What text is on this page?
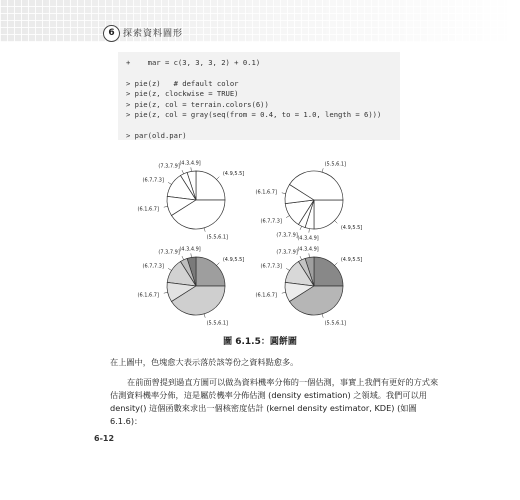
6 探索資料圖形
+    mar = c(3, 3, 3, 2) + 0.1)
> pie(z)   # default color
> pie(z, clockwise = TRUE)
> pie(z, col = terrain.colors(6))
> pie(z, col = gray(seq(from = 0.4, to = 1.0, length = 6)))
> par(old.par)
(4.9,5.5]
(4.3,4.9]
(7.3,7.9]
(6.7,7.3]
(6.1,6.7]
(5.5,6.1]
(4.9,5.5]
(4.3,4.9]
(7.3,7.9]
(6.7,7.3]
(6.1,6.7]
(5.5,6.1]
(4.9,5.5]
(4.3,4.9]
(7.3,7.9]
(6.7,7.3]
(6.1,6.7]
(5.5,6.1]
(4.9,5.5]
(4.3,4.9]
(7.3,7.9]
(6.7,7.3]
(6.1,6.7]
(5.5,6.1]
圖 6.1.5：圓餅圖
在上圖中，色塊愈大表示落於該等份之資料點愈多。
在前面曾提到過直方圖可以做為資料機率分佈的一個估測，事實上我們有更好的方式來估測資料機率分佈，這是屬於機率分佈估測 (density estimation) 之領域。我們可以用 density() 這個函數來求出一個核密度估計 (kernel density estimator, KDE) (如圖 6.1.6)：
6-12
